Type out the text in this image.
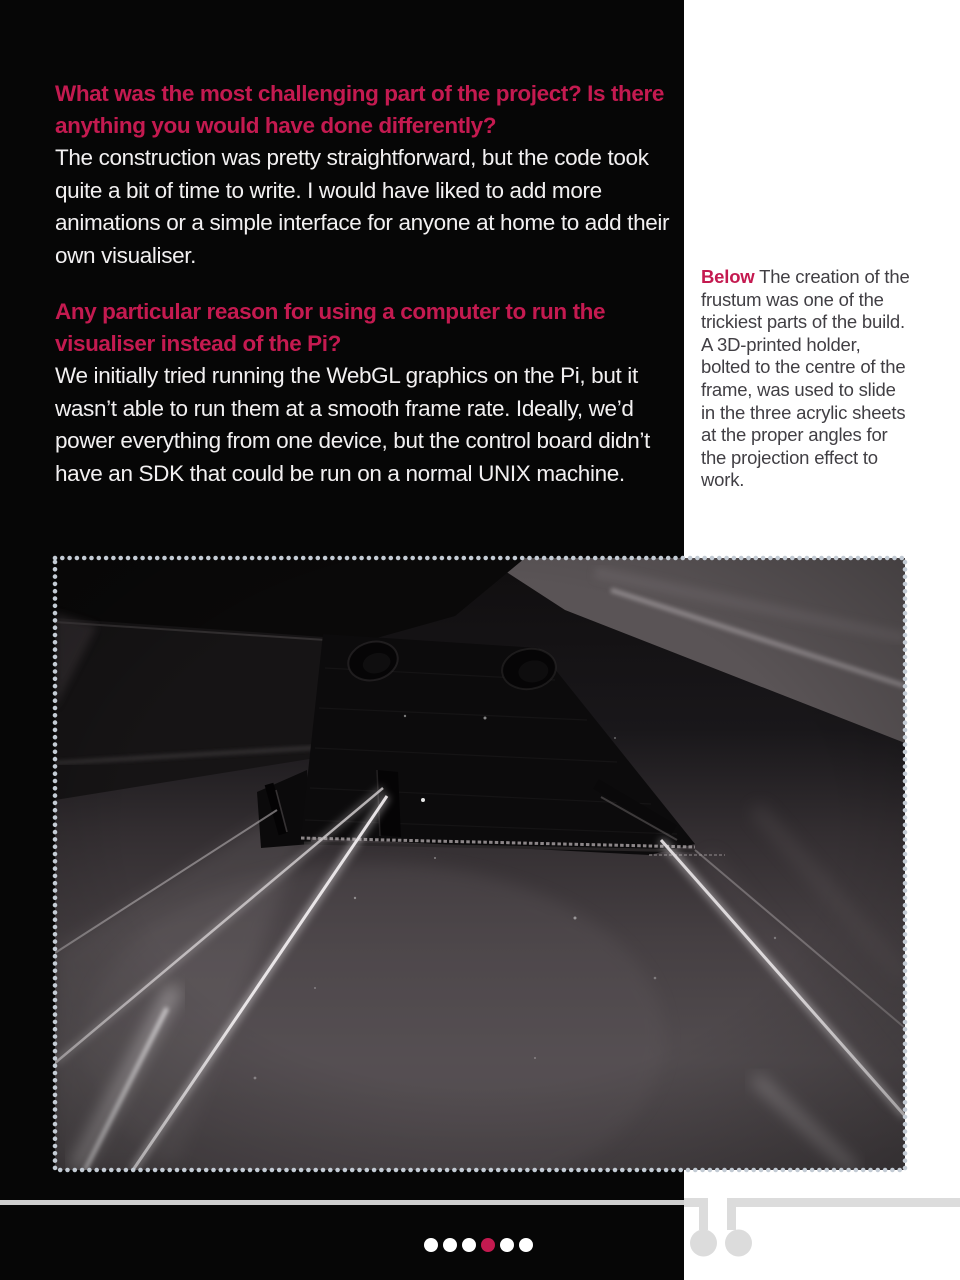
What was the most challenging part of the project? Is there anything you would have done differently?

The construction was pretty straightforward, but the code took quite a bit of time to write. I would have liked to add more animations or a simple interface for anyone at home to add their own visualiser.

Any particular reason for using a computer to run the visualiser instead of the Pi?

We initially tried running the WebGL graphics on the Pi, but it wasn’t able to run them at a smooth frame rate. Ideally, we’d power everything from one device, but the control board didn’t have an SDK that could be run on a normal UNIX machine.

Below The creation of the frustum was one of the trickiest parts of the build. A 3D-printed holder, bolted to the centre of the frame, was used to slide in the three acrylic sheets at the proper angles for the projection effect to work.
